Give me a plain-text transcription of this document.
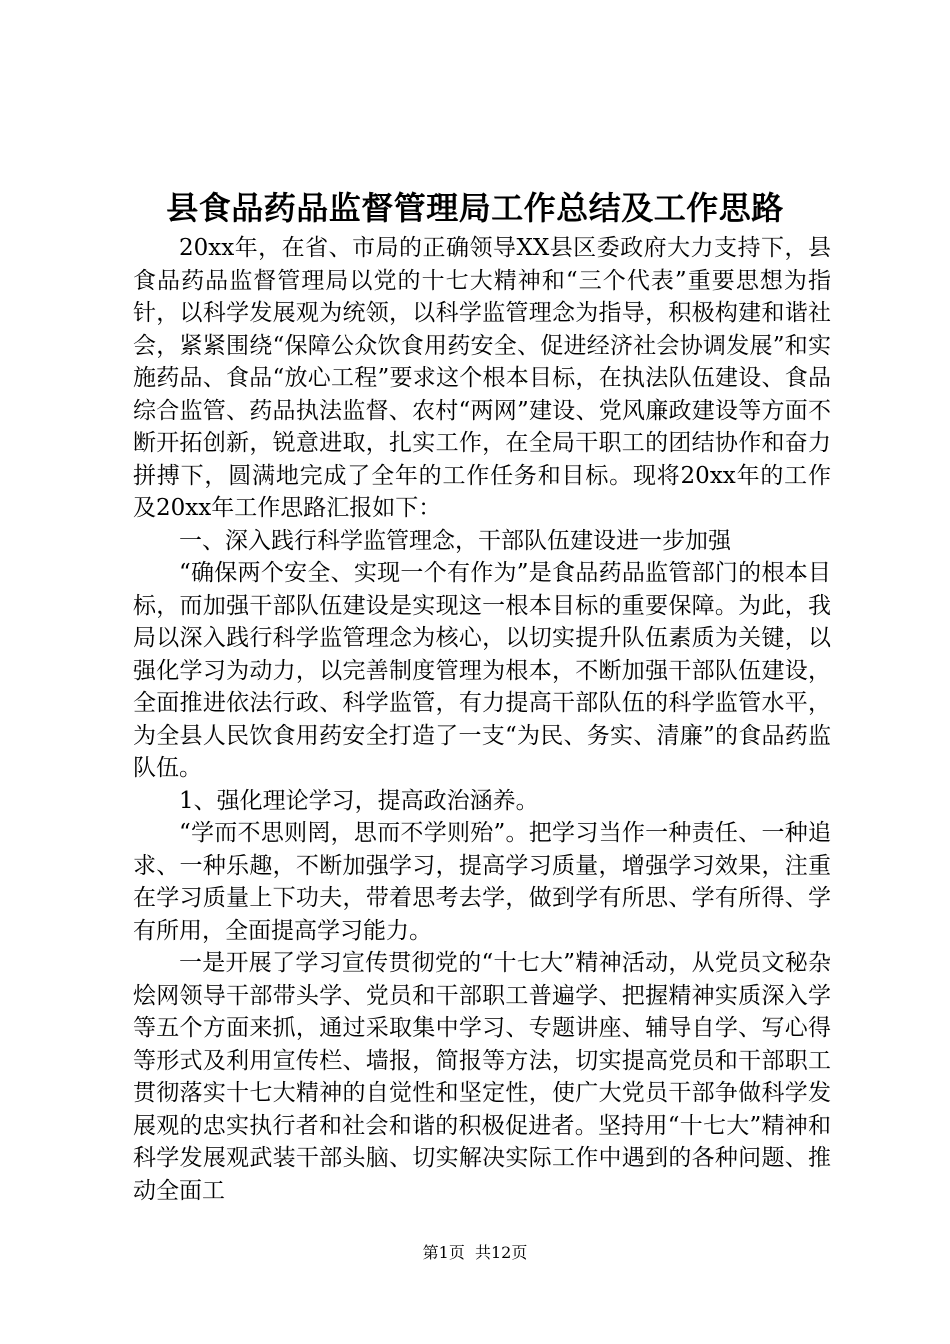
县食品药品监督管理局工作总结及工作思路

20xx年，在省、市局的正确领导XX县区委政府大力支持下，县食品药品监督管理局以党的十七大精神和“三个代表”重要思想为指针，以科学发展观为统领，以科学监管理念为指导，积极构建和谐社会，紧紧围绕“保障公众饮食用药安全、促进经济社会协调发展”和实施药品、食品“放心工程”要求这个根本目标，在执法队伍建设、食品综合监管、药品执法监督、农村“两网”建设、党风廉政建设等方面不断开拓创新，锐意进取，扎实工作，在全局干职工的团结协作和奋力拼搏下，圆满地完成了全年的工作任务和目标。现将20xx年的工作及20xx年工作思路汇报如下：

一、深入践行科学监管理念，干部队伍建设进一步加强

“确保两个安全、实现一个有作为”是食品药品监管部门的根本目标，而加强干部队伍建设是实现这一根本目标的重要保障。为此，我局以深入践行科学监管理念为核心，以切实提升队伍素质为关键，以强化学习为动力，以完善制度管理为根本，不断加强干部队伍建设，全面推进依法行政、科学监管，有力提高干部队伍的科学监管水平，为全县人民饮食用药安全打造了一支“为民、务实、清廉”的食品药监队伍。

1、强化理论学习，提高政治涵养。

“学而不思则罔，思而不学则殆”。把学习当作一种责任、一种追求、一种乐趣，不断加强学习，提高学习质量，增强学习效果，注重在学习质量上下功夫，带着思考去学，做到学有所思、学有所得、学有所用，全面提高学习能力。

一是开展了学习宣传贯彻党的“十七大”精神活动，从党员文秘杂烩网领导干部带头学、党员和干部职工普遍学、把握精神实质深入学等五个方面来抓，通过采取集中学习、专题讲座、辅导自学、写心得等形式及利用宣传栏、墙报，简报等方法，切实提高党员和干部职工贯彻落实十七大精神的自觉性和坚定性，使广大党员干部争做科学发展观的忠实执行者和社会和谐的积极促进者。坚持用“十七大”精神和科学发展观武装干部头脑、切实解决实际工作中遇到的各种问题、推动全面工

第1页  共12页
